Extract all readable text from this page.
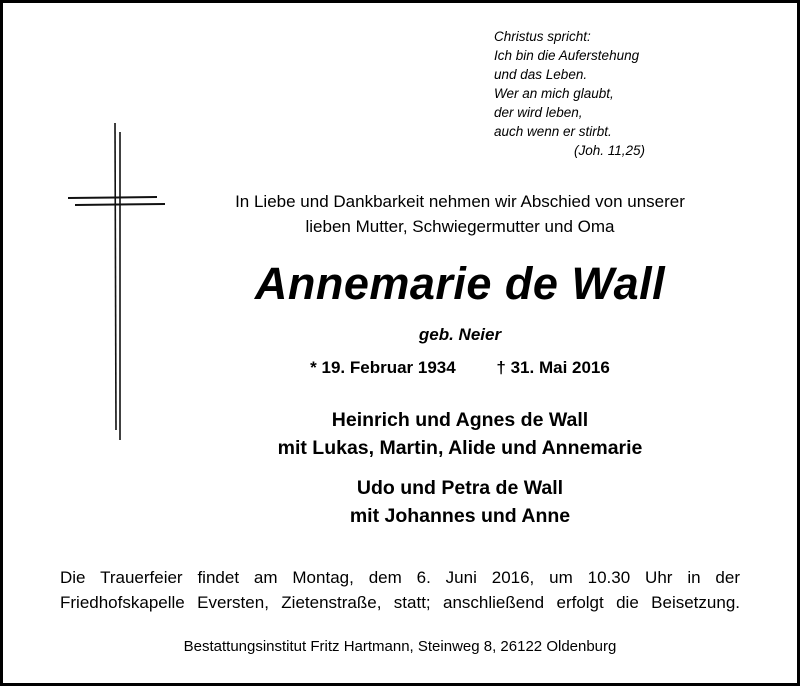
Christus spricht:
Ich bin die Auferstehung
und das Leben.
Wer an mich glaubt,
der wird leben,
auch wenn er stirbt.
(Joh. 11,25)
In Liebe und Dankbarkeit nehmen wir Abschied von unserer
lieben Mutter, Schwiegermutter und Oma
Annemarie de Wall
geb. Neier
* 19. Februar 1934 † 31. Mai 2016
Heinrich und Agnes de Wall
mit Lukas, Martin, Alide und Annemarie
Udo und Petra de Wall
mit Johannes und Anne
Die Trauerfeier findet am Montag, dem 6. Juni 2016, um 10.30 Uhr in der
Friedhofskapelle Eversten, Zietenstraße, statt; anschließend erfolgt die Beisetzung.
Bestattungsinstitut Fritz Hartmann, Steinweg 8, 26122 Oldenburg
